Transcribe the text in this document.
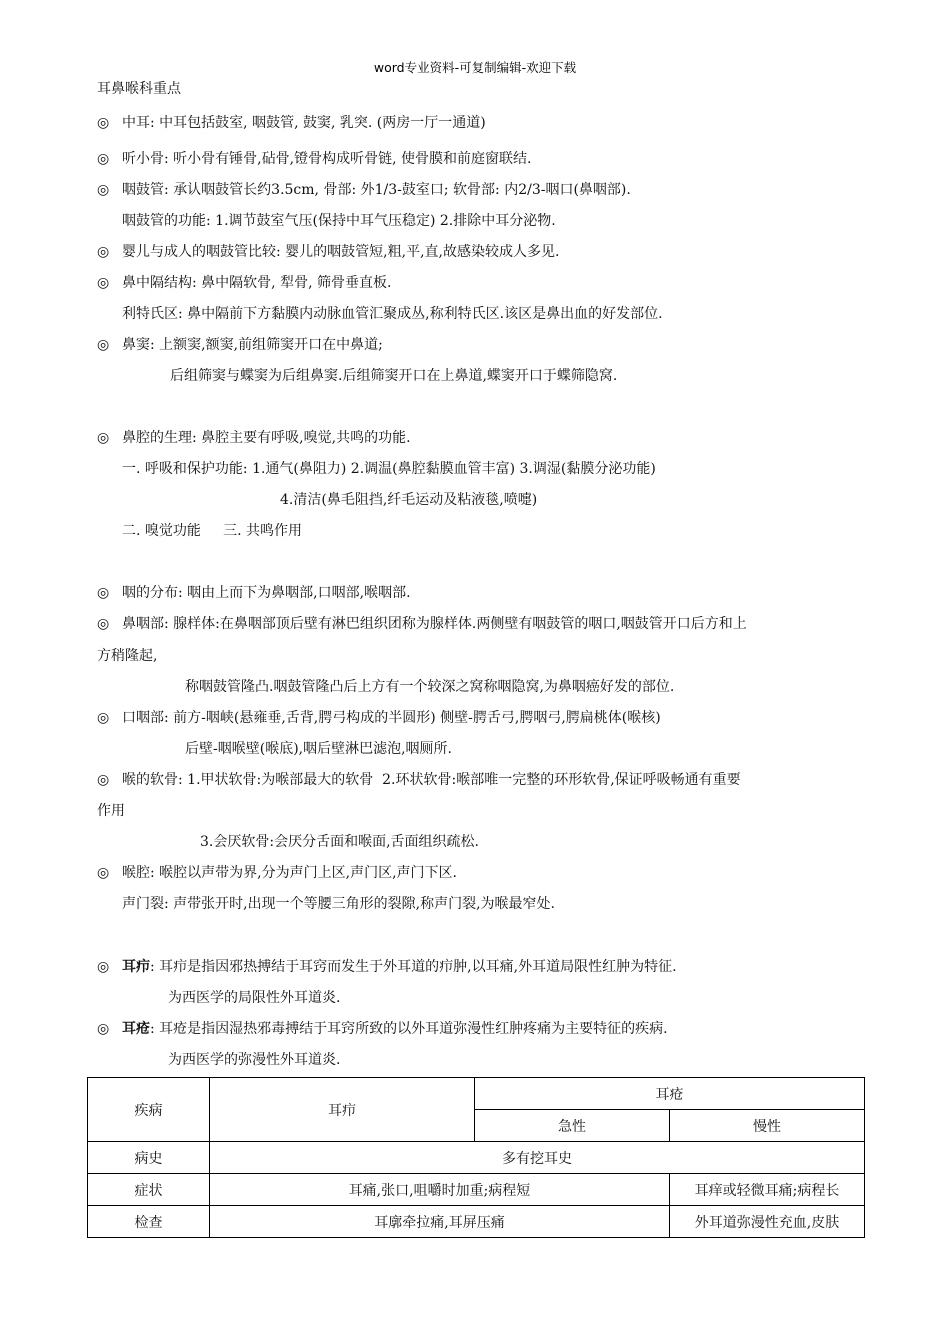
word专业资料-可复制编辑-欢迎下载
耳鼻喉科重点
◎ 中耳: 中耳包括鼓室, 咽鼓管, 鼓窦, 乳突. (两房一厅一通道)
◎ 听小骨: 听小骨有锤骨,砧骨,镫骨构成听骨链, 使骨膜和前庭窗联结.
◎ 咽鼓管: 承认咽鼓管长约3.5cm, 骨部: 外1/3-鼓室口; 软骨部: 内2/3-咽口(鼻咽部).
咽鼓管的功能: 1.调节鼓室气压(保持中耳气压稳定) 2.排除中耳分泌物.
◎ 婴儿与成人的咽鼓管比较: 婴儿的咽鼓管短,粗,平,直,故感染较成人多见.
◎ 鼻中隔结构: 鼻中隔软骨, 犁骨, 筛骨垂直板.
利特氏区: 鼻中隔前下方黏膜内动脉血管汇聚成丛,称利特氏区.该区是鼻出血的好发部位.
◎ 鼻窦: 上额窦,额窦,前组筛窦开口在中鼻道;
后组筛窦与蝶窦为后组鼻窦.后组筛窦开口在上鼻道,蝶窦开口于蝶筛隐窝.
◎ 鼻腔的生理: 鼻腔主要有呼吸,嗅觉,共鸣的功能.
一. 呼吸和保护功能: 1.通气(鼻阻力) 2.调温(鼻腔黏膜血管丰富) 3.调湿(黏膜分泌功能)
4.清洁(鼻毛阻挡,纤毛运动及粘液毯,喷嚏)
二. 嗅觉功能     三. 共鸣作用
◎ 咽的分布: 咽由上而下为鼻咽部,口咽部,喉咽部.
◎ 鼻咽部: 腺样体:在鼻咽部顶后壁有淋巴组织团称为腺样体.两侧壁有咽鼓管的咽口,咽鼓管开口后方和上
方稍隆起,
称咽鼓管隆凸.咽鼓管隆凸后上方有一个较深之窝称咽隐窝,为鼻咽癌好发的部位.
◎ 口咽部: 前方-咽峡(悬雍垂,舌背,腭弓构成的半圆形) 侧壁-腭舌弓,腭咽弓,腭扁桃体(喉核)
后壁-咽喉壁(喉底),咽后壁淋巴滤泡,咽厕所.
◎ 喉的软骨: 1.甲状软骨:为喉部最大的软骨  2.环状软骨:喉部唯一完整的环形软骨,保证呼吸畅通有重要
作用
3.会厌软骨:会厌分舌面和喉面,舌面组织疏松.
◎ 喉腔: 喉腔以声带为界,分为声门上区,声门区,声门下区.
声门裂: 声带张开时,出现一个等腰三角形的裂隙,称声门裂,为喉最窄处.
◎ 耳疖: 耳疖是指因邪热搏结于耳窍而发生于外耳道的疖肿,以耳痛,外耳道局限性红肿为特征.
为西医学的局限性外耳道炎.
◎ 耳疮: 耳疮是指因湿热邪毒搏结于耳窍所致的以外耳道弥漫性红肿疼痛为主要特征的疾病.
为西医学的弥漫性外耳道炎.
疾病	耳疖	耳疮	
		急性	慢性
病史	多有挖耳史		
症状	耳痛,张口,咀嚼时加重;病程短		耳痒或轻微耳痛;病程长
检查	耳廓牵拉痛,耳屏压痛		外耳道弥漫性充血,皮肤
